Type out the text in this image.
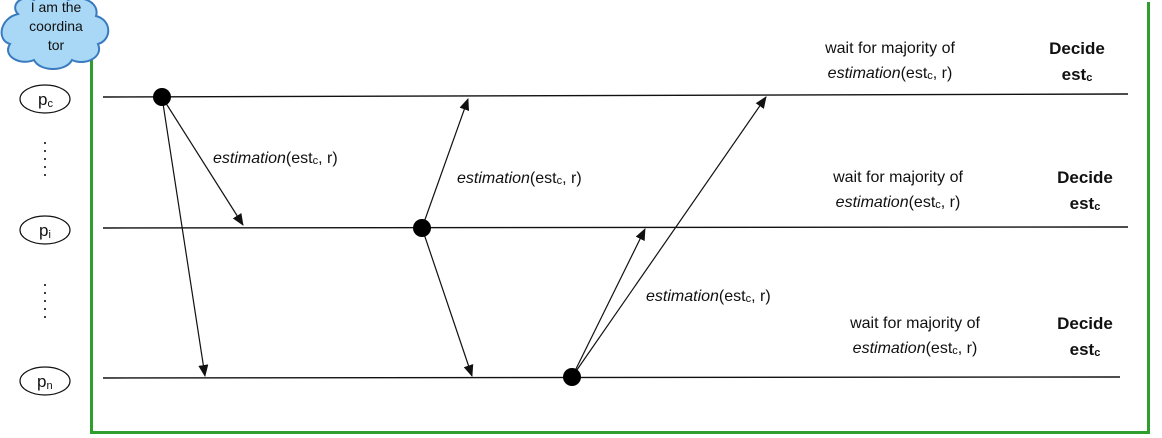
I am the
coordina
tor
pc
pi
pn
estimation(estc, r)
estimation(estc, r)
estimation(estc, r)
wait for majority of
estimation(estc, r)
wait for majority of
estimation(estc, r)
wait for majority of
estimation(estc, r)
Decide
estc
Decide
estc
Decide
estc
